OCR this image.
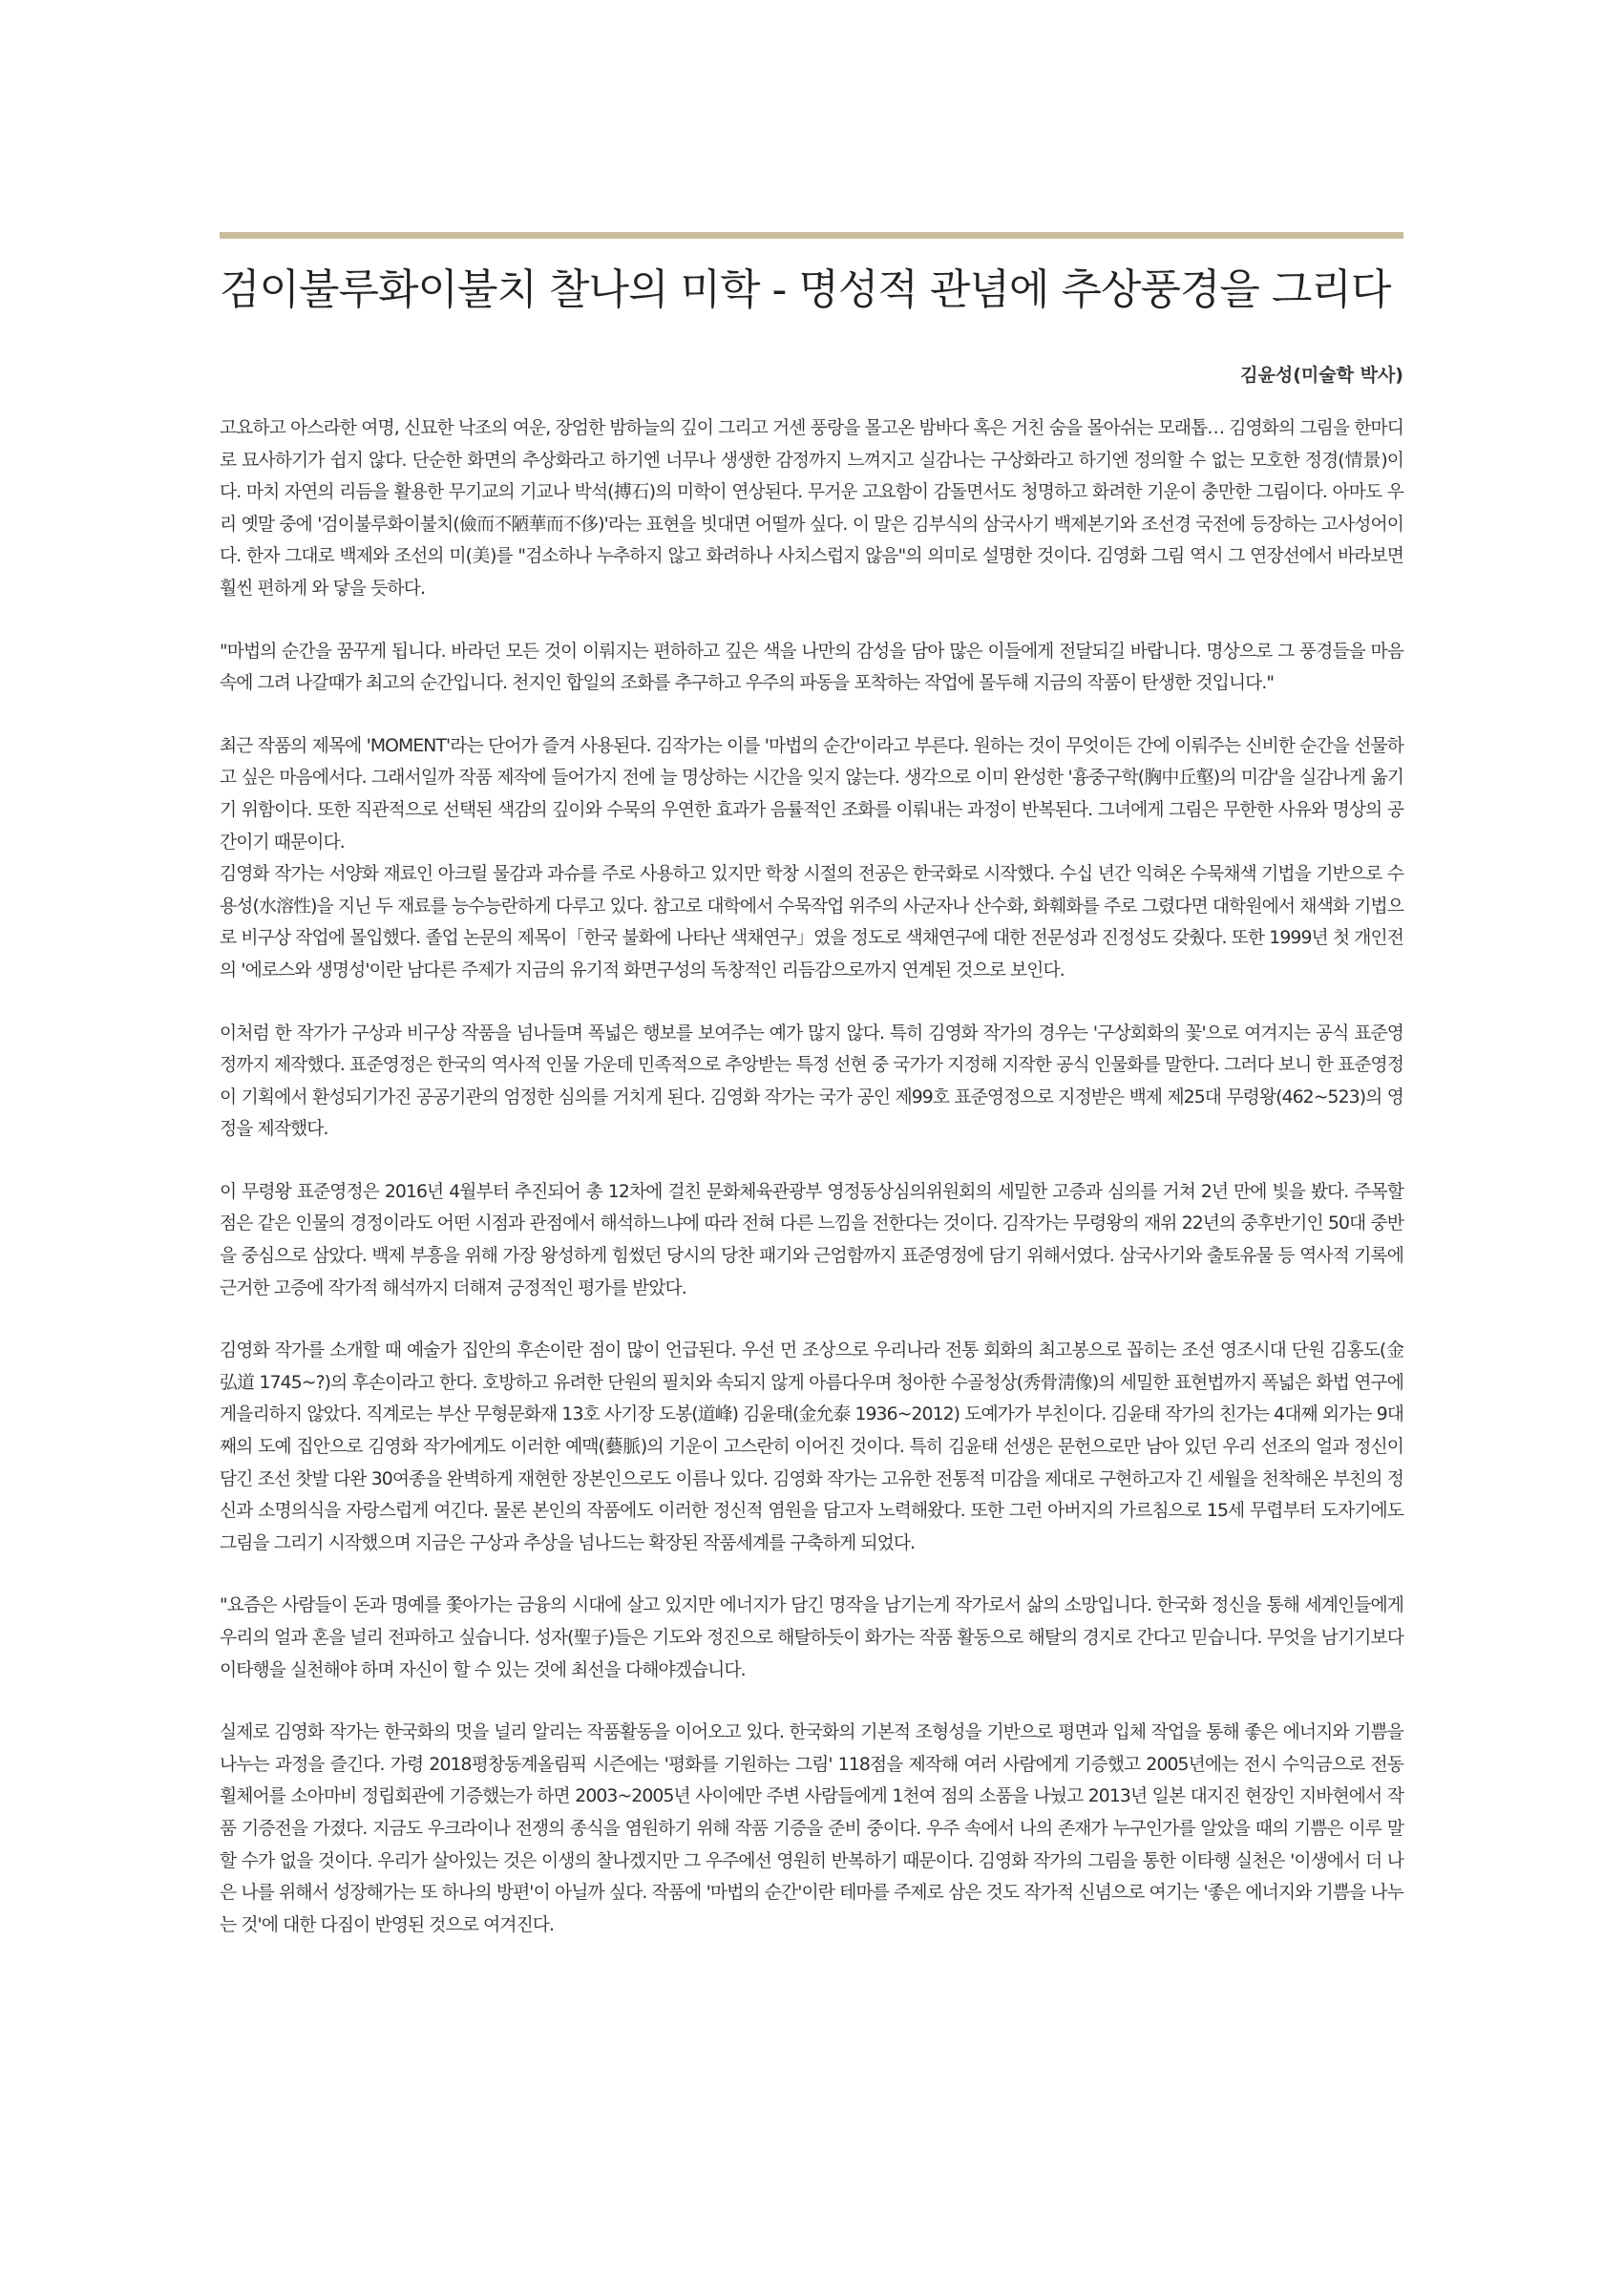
검이불루화이불치 찰나의 미학 - 명성적 관념에 추상풍경을 그리다
김윤성(미술학 박사)

고요하고 아스라한 여명, 신묘한 낙조의 여운, 장엄한 밤하늘의 깊이 그리고 거센 풍랑을 몰고온 밤바다 혹은 거친 숨을 몰아쉬는 모래톱… 김영화의 그림을 한마디로 묘사하기가 쉽지 않다. 단순한 화면의 추상화라고 하기엔 너무나 생생한 감정까지 느껴지고 실감나는 구상화라고 하기엔 정의할 수 없는 모호한 정경(情景)이다. 마치 자연의 리듬을 활용한 무기교의 기교나 박석(搏石)의 미학이 연상된다. 무거운 고요함이 감돌면서도 청명하고 화려한 기운이 충만한 그림이다. 아마도 우리 옛말 중에 '검이불루화이불치(儉而不陋華而不侈)'라는 표현을 빗대면 어떨까 싶다. 이 말은 김부식의 삼국사기 백제본기와 조선경 국전에 등장하는 고사성어이다. 한자 그대로 백제와 조선의 미(美)를 "검소하나 누추하지 않고 화려하나 사치스럽지 않음"의 의미로 설명한 것이다. 김영화 그림 역시 그 연장선에서 바라보면 훨씬 편하게 와 닿을 듯하다.

"마법의 순간을 꿈꾸게 됩니다. 바라던 모든 것이 이뤄지는 편하하고 깊은 색을 나만의 감성을 담아 많은 이들에게 전달되길 바랍니다. 명상으로 그 풍경들을 마음속에 그려 나갈때가 최고의 순간입니다. 천지인 합일의 조화를 추구하고 우주의 파동을 포착하는 작업에 몰두해 지금의 작품이 탄생한 것입니다."

최근 작품의 제목에 'MOMENT'라는 단어가 즐겨 사용된다. 김작가는 이를 '마법의 순간'이라고 부른다. 원하는 것이 무엇이든 간에 이뤄주는 신비한 순간을 선물하고 싶은 마음에서다. 그래서일까 작품 제작에 들어가지 전에 늘 명상하는 시간을 잊지 않는다. 생각으로 이미 완성한 '흉중구학(胸中丘壑)의 미감'을 실감나게 옮기기 위함이다. 또한 직관적으로 선택된 색감의 깊이와 수묵의 우연한 효과가 음률적인 조화를 이뤄내는 과정이 반복된다. 그녀에게 그림은 무한한 사유와 명상의 공간이기 때문이다.

김영화 작가는 서양화 재료인 아크릴 물감과 과슈를 주로 사용하고 있지만 학창 시절의 전공은 한국화로 시작했다. 수십 년간 익혀온 수묵채색 기법을 기반으로 수용성(水溶性)을 지닌 두 재료를 능수능란하게 다루고 있다. 참고로 대학에서 수묵작업 위주의 사군자나 산수화, 화훼화를 주로 그렸다면 대학원에서 채색화 기법으로 비구상 작업에 몰입했다. 졸업 논문의 제목이「한국 불화에 나타난 색채연구」였을 정도로 색채연구에 대한 전문성과 진정성도 갖췄다. 또한 1999년 첫 개인전의 '에로스와 생명성'이란 남다른 주제가 지금의 유기적 화면구성의 독창적인 리듬감으로까지 연계된 것으로 보인다.

이처럼 한 작가가 구상과 비구상 작품을 넘나들며 폭넓은 행보를 보여주는 예가 많지 않다. 특히 김영화 작가의 경우는 '구상회화의 꽃'으로 여겨지는 공식 표준영정까지 제작했다. 표준영정은 한국의 역사적 인물 가운데 민족적으로 추앙받는 특정 선현 중 국가가 지정해 지작한 공식 인물화를 말한다. 그러다 보니 한 표준영정이 기획에서 환성되기가진 공공기관의 엄정한 심의를 거치게 된다. 김영화 작가는 국가 공인 제99호 표준영정으로 지정받은 백제 제25대 무령왕(462~523)의 영정을 제작했다.

이 무령왕 표준영정은 2016년 4월부터 추진되어 총 12차에 걸친 문화체육관광부 영정동상심의위원회의 세밀한 고증과 심의를 거쳐 2년 만에 빛을 봤다. 주목할 점은 같은 인물의 경정이라도 어떤 시점과 관점에서 해석하느냐에 따라 전혀 다른 느낌을 전한다는 것이다. 김작가는 무령왕의 재위 22년의 중후반기인 50대 중반을 중심으로 삼았다. 백제 부흥을 위해 가장 왕성하게 힘썼던 당시의 당찬 패기와 근엄함까지 표준영정에 담기 위해서였다. 삼국사기와 출토유물 등 역사적 기록에 근거한 고증에 작가적 해석까지 더해져 긍정적인 평가를 받았다.

김영화 작가를 소개할 때 예술가 집안의 후손이란 점이 많이 언급된다. 우선 먼 조상으로 우리나라 전통 회화의 최고봉으로 꼽히는 조선 영조시대 단원 김홍도(金弘道 1745~?)의 후손이라고 한다. 호방하고 유려한 단원의 필치와 속되지 않게 아름다우며 청아한 수골청상(秀骨淸像)의 세밀한 표현법까지 폭넓은 화법 연구에 게을리하지 않았다. 직계로는 부산 무형문화재 13호 사기장 도봉(道峰) 김윤태(金允泰 1936~2012) 도예가가 부친이다. 김윤태 작가의 친가는 4대째 외가는 9대째의 도예 집안으로 김영화 작가에게도 이러한 예맥(藝脈)의 기운이 고스란히 이어진 것이다. 특히 김윤태 선생은 문헌으로만 남아 있던 우리 선조의 얼과 정신이 담긴 조선 찻발 다완 30여종을 완벽하게 재현한 장본인으로도 이름나 있다. 김영화 작가는 고유한 전통적 미감을 제대로 구현하고자 긴 세월을 천착해온 부친의 정신과 소명의식을 자랑스럽게 여긴다. 물론 본인의 작품에도 이러한 정신적 염원을 담고자 노력해왔다. 또한 그런 아버지의 가르침으로 15세 무렵부터 도자기에도 그림을 그리기 시작했으며 지금은 구상과 추상을 넘나드는 확장된 작품세계를 구축하게 되었다.

"요즘은 사람들이 돈과 명예를 쫓아가는 금융의 시대에 살고 있지만 에너지가 담긴 명작을 남기는게 작가로서 삶의 소망입니다. 한국화 정신을 통해 세계인들에게 우리의 얼과 혼을 널리 전파하고 싶습니다. 성자(聖子)들은 기도와 정진으로 해탈하듯이 화가는 작품 활동으로 해탈의 경지로 간다고 믿습니다. 무엇을 남기기보다 이타행을 실천해야 하며 자신이 할 수 있는 것에 최선을 다해야겠습니다.

실제로 김영화 작가는 한국화의 멋을 널리 알리는 작품활동을 이어오고 있다. 한국화의 기본적 조형성을 기반으로 평면과 입체 작업을 통해 좋은 에너지와 기쁨을 나누는 과정을 즐긴다. 가령 2018평창동계올림픽 시즌에는 '평화를 기원하는 그림' 118점을 제작해 여러 사람에게 기증했고 2005년에는 전시 수익금으로 전동 휠체어를 소아마비 정립회관에 기증했는가 하면 2003~2005년 사이에만 주변 사람들에게 1천여 점의 소품을 나눴고 2013년 일본 대지진 현장인 지바현에서 작품 기증전을 가졌다. 지금도 우크라이나 전쟁의 종식을 염원하기 위해 작품 기증을 준비 중이다. 우주 속에서 나의 존재가 누구인가를 알았을 때의 기쁨은 이루 말할 수가 없을 것이다. 우리가 살아있는 것은 이생의 찰나겠지만 그 우주에선 영원히 반복하기 때문이다. 김영화 작가의 그림을 통한 이타행 실천은 '이생에서 더 나은 나를 위해서 성장해가는 또 하나의 방편'이 아닐까 싶다. 작품에 '마법의 순간'이란 테마를 주제로 삼은 것도 작가적 신념으로 여기는 '좋은 에너지와 기쁨을 나누는 것'에 대한 다짐이 반영된 것으로 여겨진다.
